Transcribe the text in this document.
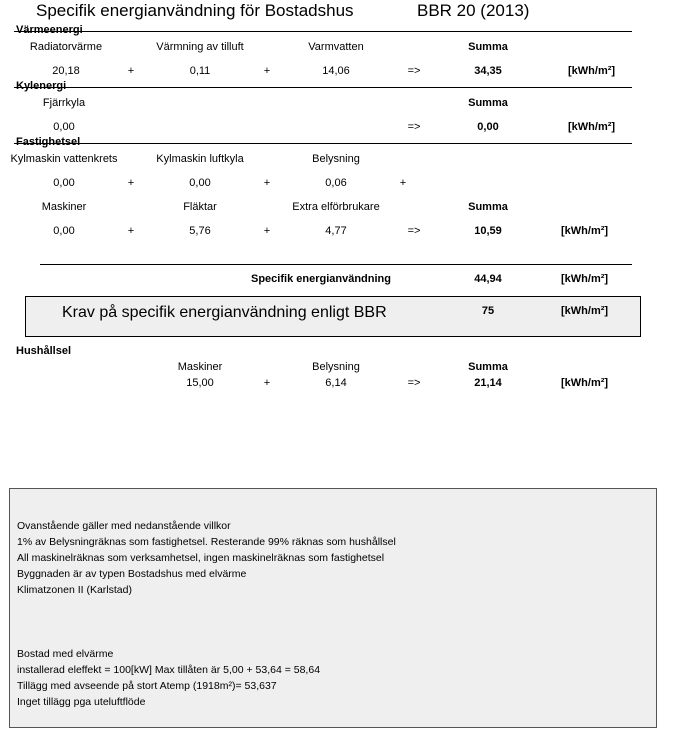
Specifik energianvändning för Bostadshus	BBR 20 (2013)
Värmeenergi
Radiatorvärme	Värmning av tilluft	Varmvatten	Summa
20,18	+	0,11	+	14,06	=>	34,35	[kWh/m²]
Kylenergi
Fjärrkyla	Summa
0,00	=>	0,00	[kWh/m²]
Fastighetsel
Kylmaskin vattenkrets	Kylmaskin luftkyla	Belysning
0,00	+	0,00	+	0,06	+
Maskiner	Fläktar	Extra elförbrukare	Summa
0,00	+	5,76	+	4,77	=>	10,59	[kWh/m²]
Specifik energianvändning	44,94	[kWh/m²]
Krav på specifik energianvändning enligt BBR	75	[kWh/m²]
Hushållsel
Maskiner	Belysning	Summa
15,00	+	6,14	=>	21,14	[kWh/m²]
Ovanstående gäller med nedanstående villkor
1% av Belysningräknas som fastighetsel. Resterande 99% räknas som hushållsel
All maskinelräknas som verksamhetsel, ingen maskinelräknas som fastighetsel
Byggnaden är av typen Bostadshus med elvärme
Klimatzonen II (Karlstad)
Bostad med elvärme
installerad eleffekt = 100[kW] Max tillåten är 5,00 + 53,64 = 58,64
Tillägg med avseende på stort Atemp (1918m²)= 53,637
Inget tillägg pga uteluftflöde
